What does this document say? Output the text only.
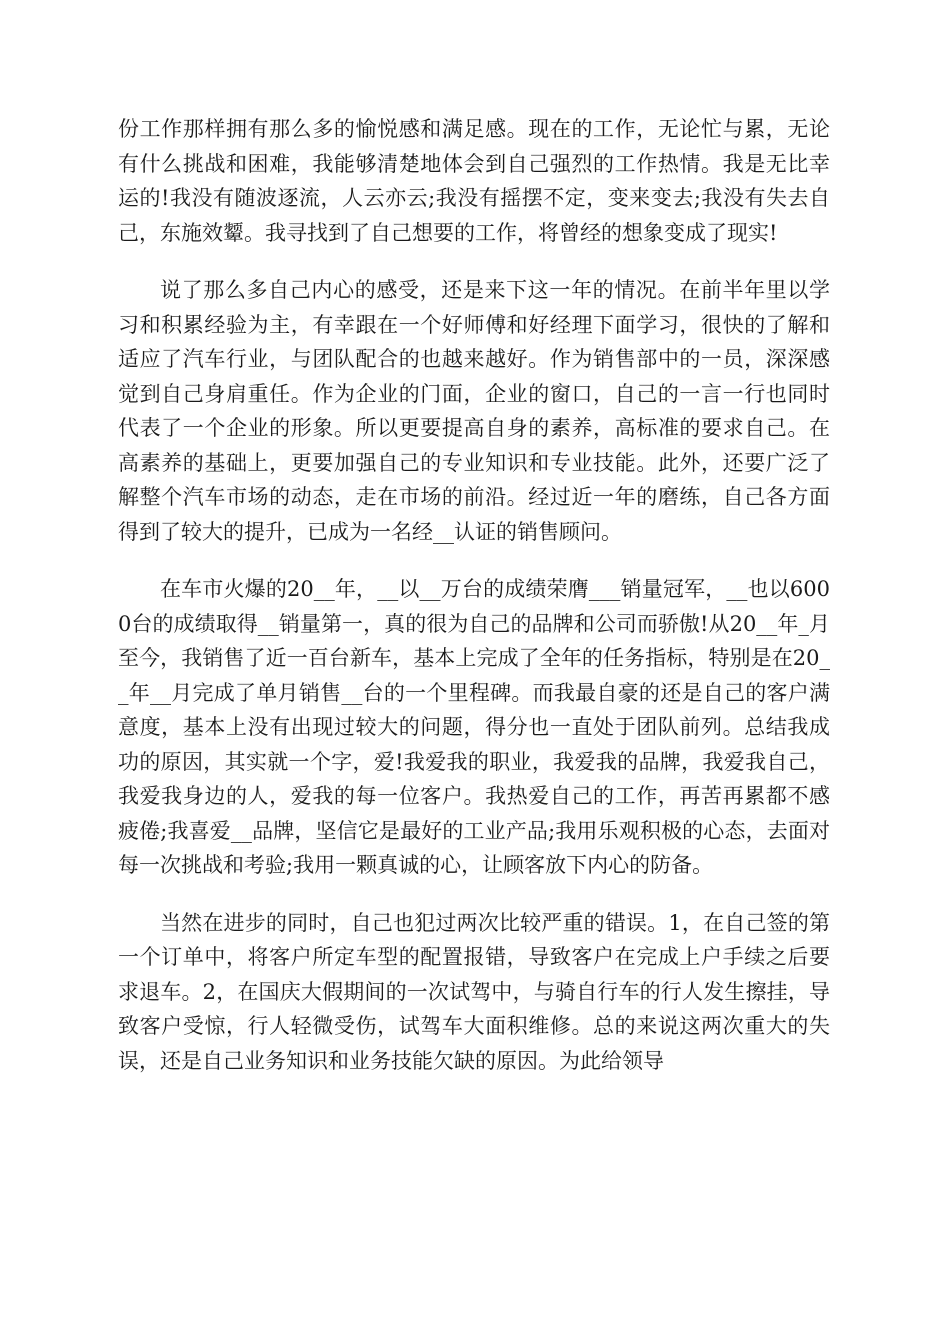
份工作那样拥有那么多的愉悦感和满足感。现在的工作，无论忙与累，无论有什么挑战和困难，我能够清楚地体会到自己强烈的工作热情。我是无比幸运的!我没有随波逐流，人云亦云;我没有摇摆不定，变来变去;我没有失去自己，东施效颦。我寻找到了自己想要的工作，将曾经的想象变成了现实!

说了那么多自己内心的感受，还是来下这一年的情况。在前半年里以学习和积累经验为主，有幸跟在一个好师傅和好经理下面学习，很快的了解和适应了汽车行业，与团队配合的也越来越好。作为销售部中的一员，深深感觉到自己身肩重任。作为企业的门面，企业的窗口，自己的一言一行也同时代表了一个企业的形象。所以更要提高自身的素养，高标准的要求自己。在高素养的基础上，更要加强自己的专业知识和专业技能。此外，还要广泛了解整个汽车市场的动态，走在市场的前沿。经过近一年的磨练，自己各方面得到了较大的提升，已成为一名经__认证的销售顾问。

在车市火爆的20__年，__以__万台的成绩荣膺___销量冠军，__也以6000台的成绩取得__销量第一，真的很为自己的品牌和公司而骄傲!从20__年_月至今，我销售了近一百台新车，基本上完成了全年的任务指标，特别是在20__年__月完成了单月销售__台的一个里程碑。而我最自豪的还是自己的客户满意度，基本上没有出现过较大的问题，得分也一直处于团队前列。总结我成功的原因，其实就一个字，爱!我爱我的职业，我爱我的品牌，我爱我自己，我爱我身边的人，爱我的每一位客户。我热爱自己的工作，再苦再累都不感疲倦;我喜爱__品牌，坚信它是最好的工业产品;我用乐观积极的心态，去面对每一次挑战和考验;我用一颗真诚的心，让顾客放下内心的防备。

当然在进步的同时，自己也犯过两次比较严重的错误。1，在自己签的第一个订单中，将客户所定车型的配置报错，导致客户在完成上户手续之后要求退车。2，在国庆大假期间的一次试驾中，与骑自行车的行人发生擦挂，导致客户受惊，行人轻微受伤，试驾车大面积维修。总的来说这两次重大的失误，还是自己业务知识和业务技能欠缺的原因。为此给领导
